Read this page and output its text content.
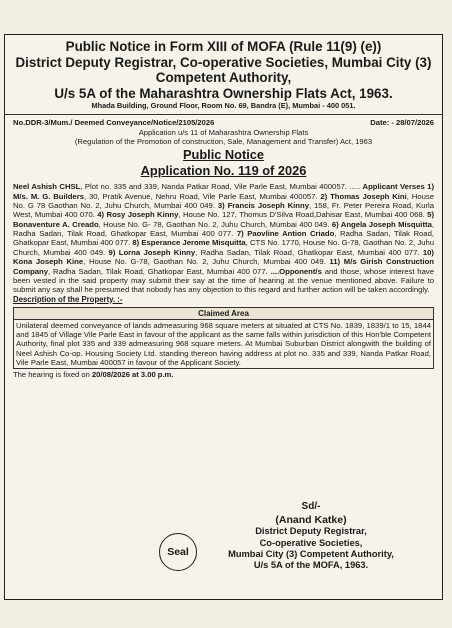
Public Notice in Form XIII of MOFA (Rule 11(9) (e))
District Deputy Registrar, Co-operative Societies, Mumbai City (3)
Competent Authority,
U/s 5A of the Maharashtra Ownership Flats Act, 1963.
Mhada Building, Ground Floor, Room No. 69, Bandra (E), Mumbai - 400 051.
No.DDR-3/Mum./ Deemed Conveyance/Notice/2105/2026	Date: - 28/07/2026
Application u/s 11 of Maharashtra Ownership Flats
(Regulation of the Promotion of construction, Sale, Management and Transfer) Act, 1963
Public Notice
Application No. 119 of 2026
Neel Ashish CHSL, Plot no. 335 and 339, Nanda Patkar Road, Vile Parle East, Mumbai 400057. ..... Applicant Verses 1) M/s. M. G. Builders, 30, Pratik Avenue, Nehru Road, Vile Parle East, Mumbai 400057. 2) Thomas Joseph Kini, House No. G 78 Gaothan No. 2, Juhu Church, Mumbai 400 049. 3) Francis Joseph Kinny, 158, Fr. Peter Pereira Road, Kurla West, Mumbai 400 070. 4) Rosy Joseph Kinny, House No. 127, Thomus D'Silva Road,Dahisar East, Mumbai 400 068. 5) Bonaventure A. Creado, House No. G- 78, Gaothan No. 2, Juhu Church, Mumbai 400 049. 6) Angela Joseph Misquitta, Radha Sadan, Tilak Road, Ghatkopar East, Mumbai 400 077. 7) Paovline Antion Criado, Radha Sadan, Tilak Road, Ghatkopar East, Mumbai 400 077. 8) Esperance Jerome Misquitta, CTS No. 1770, House No. G-78, Gaothan No. 2, Juhu Church, Mumbai 400 049. 9) Lorna Joseph Kinny, Radha Sadan, Tilak Road, Ghatkopar East, Mumbai 400 077. 10) Kona Joseph Kine, House No. G-78, Gaothan No. 2, Juhu Church, Mumbai 400 049. 11) M/s Girish Construction Company, Radha Sadan, Tilak Road, Ghatkopar East, Mumbai 400 077. ....Opponent/s and those, whose interest have been vested in the said property may submit their say at the time of hearing at the venue mentioned above. Failure to submit any say shall he presumed that nobody has any objection to this regard and further action will be taken accordingly.
Description of the Property. :-
Claimed Area
Unilateral deemed conveyance of lands admeasuring 968 square meters at situated at CTS No. 1839, 1839/1 to 15, 1844 and 1845 of Village Vile Parle East in favour of the applicant as the same falls within jurisdiction of this Hon'ble Competent Authority, final plot 335 and 339 admeasuring 968 square meters. At Mumbai Suburban District alongwith the building of Neel Ashish Co-op. Housing Society Ltd. standing thereon having address at plot no. 335 and 339, Nanda Patkar Road, Vile Parle East, Mumbai 400057 in favour of the Applicant Society.
The hearing is fixed on 20/08/2026 at 3.00 p.m.
Seal
Sd/-
(Anand Katke)
District Deputy Registrar,
Co-operative Societies,
Mumbai City (3) Competent Authority,
U/s 5A of the MOFA, 1963.
